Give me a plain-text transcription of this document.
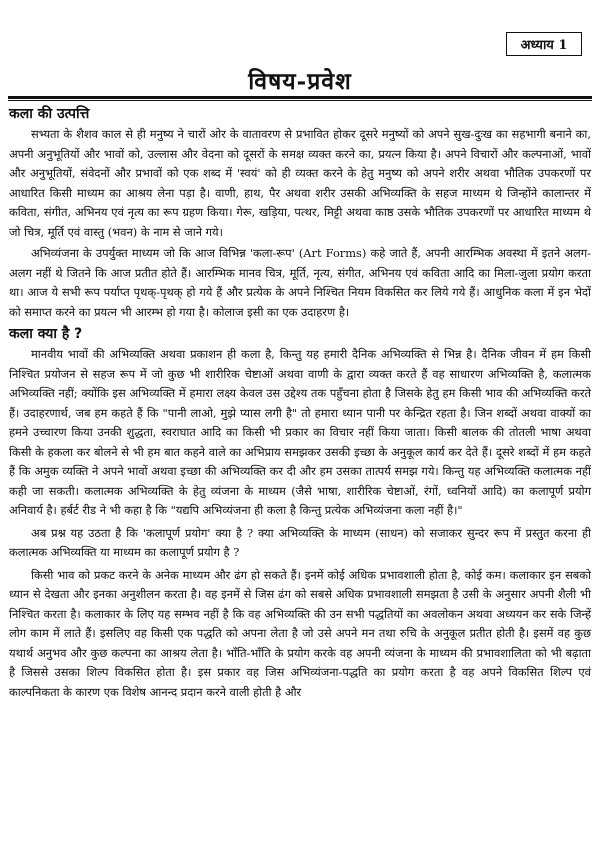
अध्याय 1
विषय-प्रवेश
कला की उत्पत्ति

सभ्यता के शैशव काल से ही मनुष्य ने चारों ओर के वातावरण से प्रभावित होकर दूसरे मनुष्यों को अपने सुख-दुःख का सहभागी बनाने का, अपनी अनुभूतियों और भावों को, उल्लास और वेदना को दूसरों के समक्ष व्यक्त करने का, प्रयत्न किया है। अपने विचारों और कल्पनाओं, भावों और अनुभूतियों, संवेदनों और प्रभावों को एक शब्द में 'स्वयं' को ही व्यक्त करने के हेतु मनुष्य को अपने शरीर अथवा भौतिक उपकरणों पर आधारित किसी माध्यम का आश्रय लेना पड़ा है। वाणी, हाथ, पैर अथवा शरीर उसकी अभिव्यक्ति के सहज माध्यम थे जिन्होंने कालान्तर में कविता, संगीत, अभिनय एवं नृत्य का रूप ग्रहण किया। गेरू, खड़िया, पत्थर, मिट्टी अथवा काष्ठ उसके भौतिक उपकरणों पर आधारित माध्यम थे जो चित्र, मूर्ति एवं वास्तु (भवन) के नाम से जाने गये।

अभिव्यंजना के उपर्युक्त माध्यम जो कि आज विभिन्न 'कला-रूप' (Art Forms) कहे जाते हैं, अपनी आरम्भिक अवस्था में इतने अलग-अलग नहीं थे जितने कि आज प्रतीत होते हैं। आरम्भिक मानव चित्र, मूर्ति, नृत्य, संगीत, अभिनय एवं कविता आदि का मिला-जुला प्रयोग करता था। आज ये सभी रूप पर्याप्त पृथक्-पृथक् हो गये हैं और प्रत्येक के अपने निश्चित नियम विकसित कर लिये गये हैं। आधुनिक कला में इन भेदों को समाप्त करने का प्रयत्न भी आरम्भ हो गया है। कोलाज इसी का एक उदाहरण है।

कला क्या है ?

मानवीय भावों की अभिव्यक्ति अथवा प्रकाशन ही कला है, किन्तु यह हमारी दैनिक अभिव्यक्ति से भिन्न है। दैनिक जीवन में हम किसी निश्चित प्रयोजन से सहज रूप में जो कुछ भी शारीरिक चेष्टाओं अथवा वाणी के द्वारा व्यक्त करते हैं वह साधारण अभिव्यक्ति है, कलात्मक अभिव्यक्ति नहीं; क्योंकि इस अभिव्यक्ति में हमारा लक्ष्य केवल उस उद्देश्य तक पहुँचना होता है जिसके हेतु हम किसी भाव की अभिव्यक्ति करते हैं। उदाहरणार्थ, जब हम कहते हैं कि "पानी लाओ, मुझे प्यास लगी है" तो हमारा ध्यान पानी पर केन्द्रित रहता है। जिन शब्दों अथवा वाक्यों का हमने उच्चारण किया उनकी शुद्धता, स्वराघात आदि का किसी भी प्रकार का विचार नहीं किया जाता। किसी बालक की तोतली भाषा अथवा किसी के हकला कर बोलने से भी हम बात कहने वाले का अभिप्राय समझकर उसकी इच्छा के अनुकूल कार्य कर देते हैं। दूसरे शब्दों में हम कहते हैं कि अमुक व्यक्ति ने अपने भावों अथवा इच्छा की अभिव्यक्ति कर दी और हम उसका तात्पर्य समझ गये। किन्तु यह अभिव्यक्ति कलात्मक नहीं कही जा सकती। कलात्मक अभिव्यक्ति के हेतु व्यंजना के माध्यम (जैसे भाषा, शारीरिक चेष्टाओं, रंगों, ध्वनियों आदि) का कलापूर्ण प्रयोग अनिवार्य है। हर्बर्ट रीड ने भी कहा है कि "यद्यपि अभिव्यंजना ही कला है किन्तु प्रत्येक अभिव्यंजना कला नहीं है।"

अब प्रश्न यह उठता है कि 'कलापूर्ण प्रयोग' क्या है ? क्या अभिव्यक्ति के माध्यम (साधन) को सजाकर सुन्दर रूप में प्रस्तुत करना ही कलात्मक अभिव्यक्ति या माध्यम का कलापूर्ण प्रयोग है ?

किसी भाव को प्रकट करने के अनेक माध्यम और ढंग हो सकते हैं। इनमें कोई अधिक प्रभावशाली होता है, कोई कम। कलाकार इन सबको ध्यान से देखता और इनका अनुशीलन करता है। वह इनमें से जिस ढंग को सबसे अधिक प्रभावशाली समझता है उसी के अनुसार अपनी शैली भी निश्चित करता है। कलाकार के लिए यह सम्भव नहीं है कि वह अभिव्यक्ति की उन सभी पद्धतियों का अवलोकन अथवा अध्ययन कर सके जिन्हें लोग काम में लाते हैं। इसलिए वह किसी एक पद्धति को अपना लेता है जो उसे अपने मन तथा रुचि के अनुकूल प्रतीत होती है। इसमें वह कुछ यथार्थ अनुभव और कुछ कल्पना का आश्रय लेता है। भाँति-भाँति के प्रयोग करके वह अपनी व्यंजना के माध्यम की प्रभावशालिता को भी बढ़ाता है जिससे उसका शिल्प विकसित होता है। इस प्रकार वह जिस अभिव्यंजना-पद्धति का प्रयोग करता है वह अपने विकसित शिल्प एवं काल्पनिकता के कारण एक विशेष आनन्द प्रदान करने वाली होती है और
